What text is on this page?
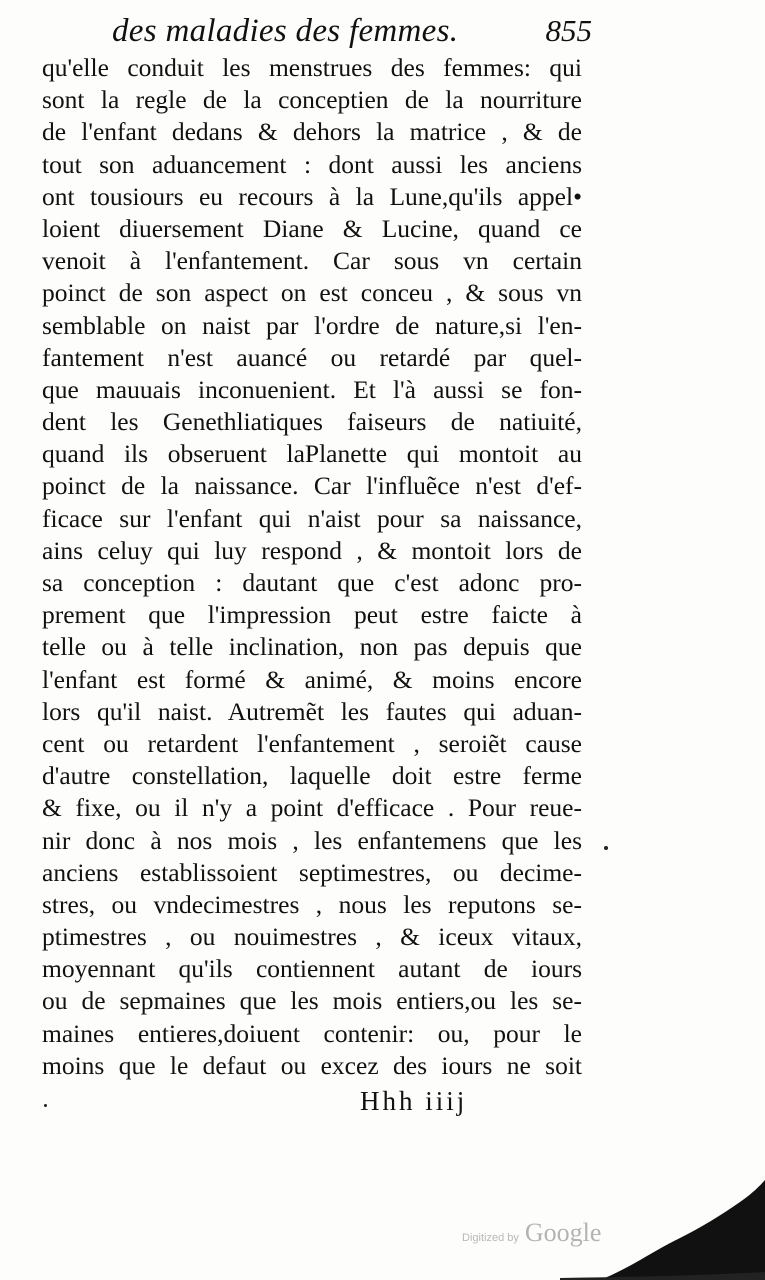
des maladies des femmes.	855
qu'elle conduit les menstrues des femmes: qui
sont la regle de la conceptien de la nourriture
de l'enfant dedans & dehors la matrice , & de
tout son aduancement : dont aussi les anciens
ont tousiours eu recours à la Lune,qu'ils appel•
loient diuersement Diane & Lucine, quand ce
venoit à l'enfantement. Car sous vn certain
poinct de son aspect on est conceu , & sous vn
semblable on naist par l'ordre de nature,si l'en-
fantement n'est auancé ou retardé par quel-
que mauuais inconuenient. Et l'à aussi se fon-
dent les Genethliatiques faiseurs de natiuité,
quand ils obseruent laPlanette qui montoit au
poinct de la naissance. Car l'influẽce n'est d'ef-
ficace sur l'enfant qui n'aist pour sa naissance,
ains celuy qui luy respond , & montoit lors de
sa conception : dautant que c'est adonc pro-
prement que l'impression peut estre faicte à
telle ou à telle inclination, non pas depuis que
l'enfant est formé & animé, & moins encore
lors qu'il naist. Autremẽt les fautes qui aduan-
cent ou retardent l'enfantement , seroiẽt cause
d'autre constellation, laquelle doit estre ferme
& fixe, ou il n'y a point d'efficace . Pour reue-
nir donc à nos mois , les enfantemens que les
anciens establissoient septimestres, ou decime-
stres, ou vndecimestres , nous les reputons se-
ptimestres , ou nouimestres , & iceux vitaux,
moyennant qu'ils contiennent autant de iours
ou de sepmaines que les mois entiers,ou les se-
maines entieres,doiuent contenir: ou, pour le
moins que le defaut ou excez des iours ne soit
Hhh iiij
Digitized by Google
